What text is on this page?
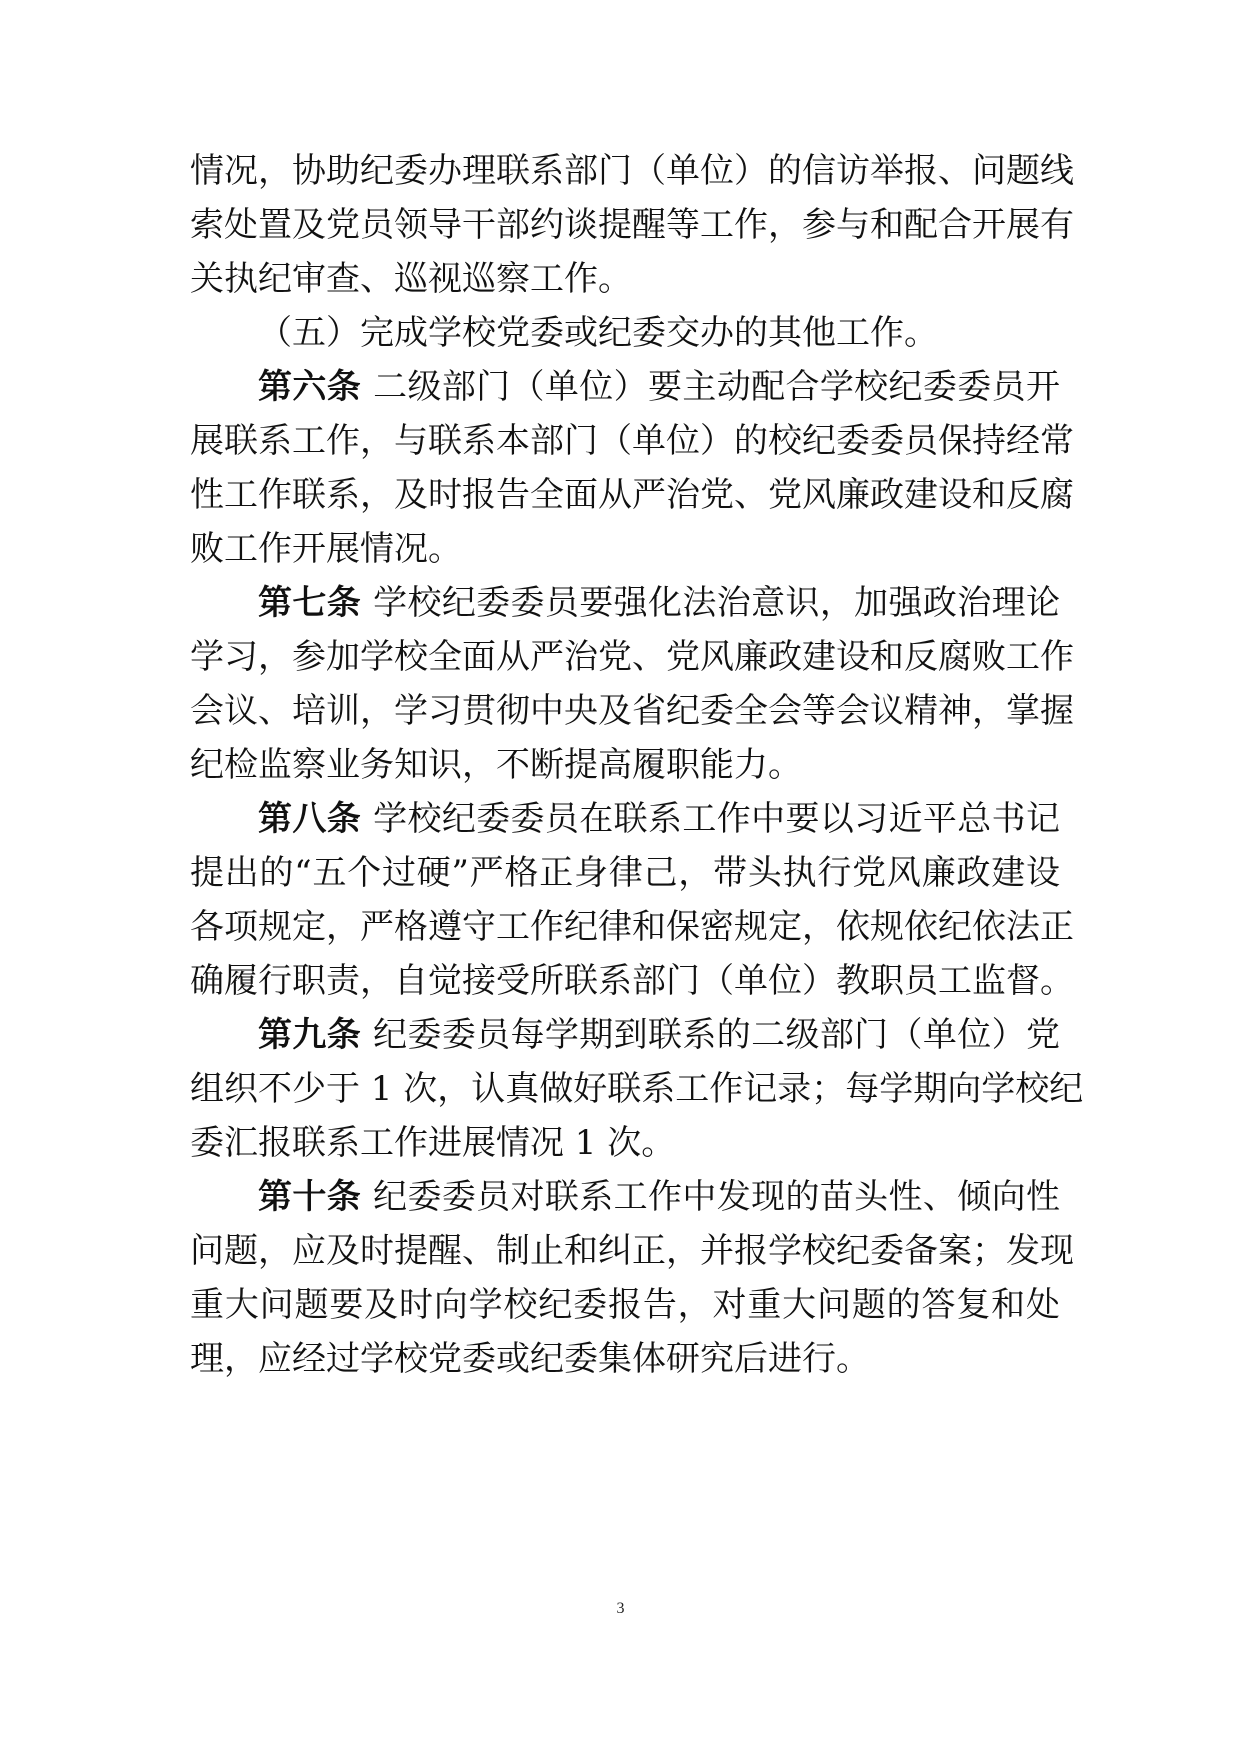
情况，协助纪委办理联系部门（单位）的信访举报、问题线
索处置及党员领导干部约谈提醒等工作，参与和配合开展有
关执纪审查、巡视巡察工作。
（五）完成学校党委或纪委交办的其他工作。
第六条 二级部门（单位）要主动配合学校纪委委员开
展联系工作，与联系本部门（单位）的校纪委委员保持经常
性工作联系，及时报告全面从严治党、党风廉政建设和反腐
败工作开展情况。
第七条 学校纪委委员要强化法治意识，加强政治理论
学习，参加学校全面从严治党、党风廉政建设和反腐败工作
会议、培训，学习贯彻中央及省纪委全会等会议精神，掌握
纪检监察业务知识，不断提高履职能力。
第八条 学校纪委委员在联系工作中要以习近平总书记
提出的“五个过硬”严格正身律己，带头执行党风廉政建设
各项规定，严格遵守工作纪律和保密规定，依规依纪依法正
确履行职责，自觉接受所联系部门（单位）教职员工监督。
第九条 纪委委员每学期到联系的二级部门（单位）党
组织不少于 1 次，认真做好联系工作记录；每学期向学校纪
委汇报联系工作进展情况 1 次。
第十条 纪委委员对联系工作中发现的苗头性、倾向性
问题，应及时提醒、制止和纠正，并报学校纪委备案；发现
重大问题要及时向学校纪委报告，对重大问题的答复和处
理，应经过学校党委或纪委集体研究后进行。
3
